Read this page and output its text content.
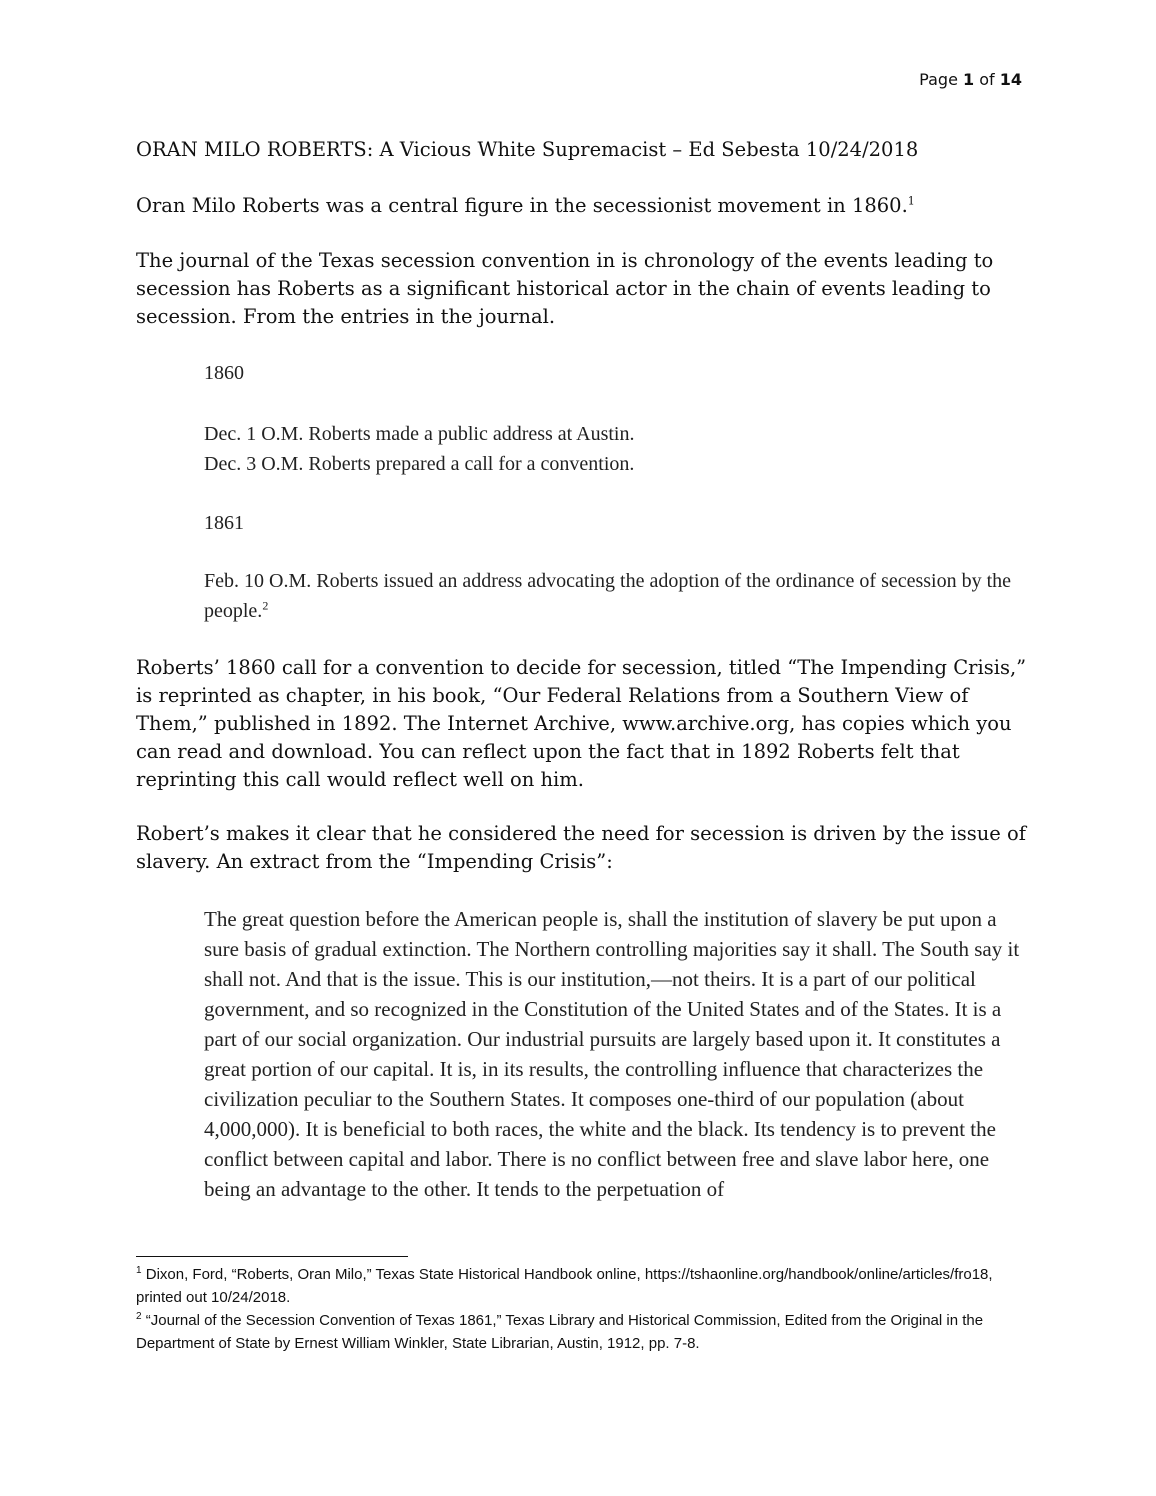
Page 1 of 14
ORAN MILO ROBERTS: A Vicious White Supremacist – Ed Sebesta 10/24/2018

Oran Milo Roberts was a central figure in the secessionist movement in 1860.$^1$

The journal of the Texas secession convention in is chronology of the events leading to secession has Roberts as a significant historical actor in the chain of events leading to secession. From the entries in the journal.

1860
Dec. 1 O.M. Roberts made a public address at Austin.
Dec. 3 O.M. Roberts prepared a call for a convention.
1861
Feb. 10 O.M. Roberts issued an address advocating the adoption of the ordinance of secession by the people.$^2$

Roberts’ 1860 call for a convention to decide for secession, titled “The Impending Crisis,” is reprinted as chapter, in his book, “Our Federal Relations from a Southern View of Them,” published in 1892. The Internet Archive, www.archive.org, has copies which you can read and download. You can reflect upon the fact that in 1892 Roberts felt that reprinting this call would reflect well on him.

Robert’s makes it clear that he considered the need for secession is driven by the issue of slavery. An extract from the “Impending Crisis”:

The great question before the American people is, shall the institution of slavery be put upon a sure basis of gradual extinction. The Northern controlling majorities say it shall. The South say it shall not. And that is the issue. This is our institution,—not theirs. It is a part of our political government, and so recognized in the Constitution of the United States and of the States. It is a part of our social organization. Our industrial pursuits are largely based upon it. It constitutes a great portion of our capital. It is, in its results, the controlling influence that characterizes the civilization peculiar to the Southern States. It composes one-third of our population (about 4,000,000). It is beneficial to both races, the white and the black. Its tendency is to prevent the conflict between capital and labor. There is no conflict between free and slave labor here, one being an advantage to the other. It tends to the perpetuation of

$^1$ Dixon, Ford, “Roberts, Oran Milo,” Texas State Historical Handbook online, https://tshaonline.org/handbook/online/articles/fro18, printed out 10/24/2018.

$^2$ “Journal of the Secession Convention of Texas 1861,” Texas Library and Historical Commission, Edited from the Original in the Department of State by Ernest William Winkler, State Librarian, Austin, 1912, pp. 7-8.
